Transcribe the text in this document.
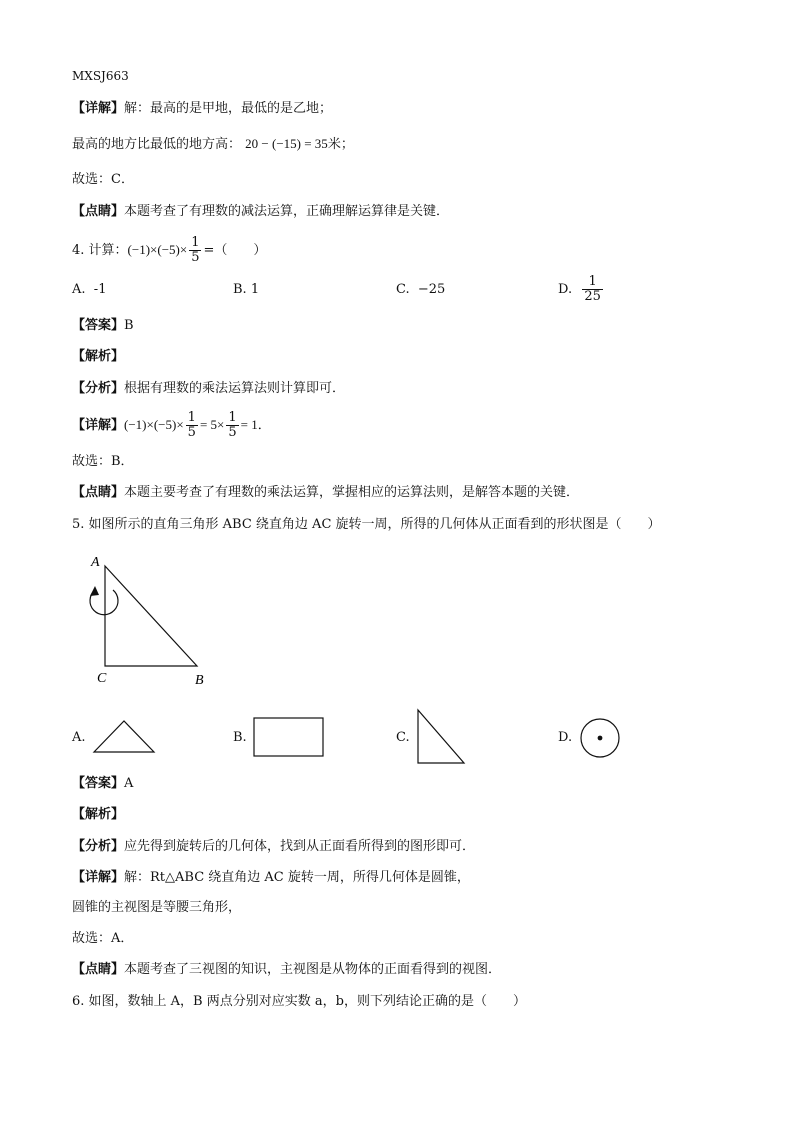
MXSJ663
【详解】解：最高的是甲地，最低的是乙地；
最高的地方比最低的地方高： 20 − (−15) = 35米；
故选：C．
【点睛】本题考查了有理数的减法运算，正确理解运算律是关键．
4. 计算：$(-1)\times(-5)\times \frac{1}{5}$ =（　　）
A. -1	B. 1	C. −25	D. $\frac{1}{25}$
【答案】B
【解析】
【分析】根据有理数的乘法运算法则计算即可．
【详解】$(-1)\times(-5)\times \frac{1}{5} = 5\times \frac{1}{5} = 1$．
故选：B．
【点睛】本题主要考查了有理数的乘法运算，掌握相应的运算法则，是解答本题的关键．
5. 如图所示的直角三角形 ABC 绕直角边 AC 旋转一周，所得的几何体从正面看到的形状图是（　　）
A
C	B
A.	B.	C.	D.
【答案】A
【解析】
【分析】应先得到旋转后的几何体，找到从正面看所得到的图形即可．
【详解】解：Rt△ABC 绕直角边 AC 旋转一周，所得几何体是圆锥，
圆锥的主视图是等腰三角形，
故选：A．
【点睛】本题考查了三视图的知识，主视图是从物体的正面看得到的视图．
6. 如图，数轴上 A，B 两点分别对应实数 a，b，则下列结论正确的是（　　）
